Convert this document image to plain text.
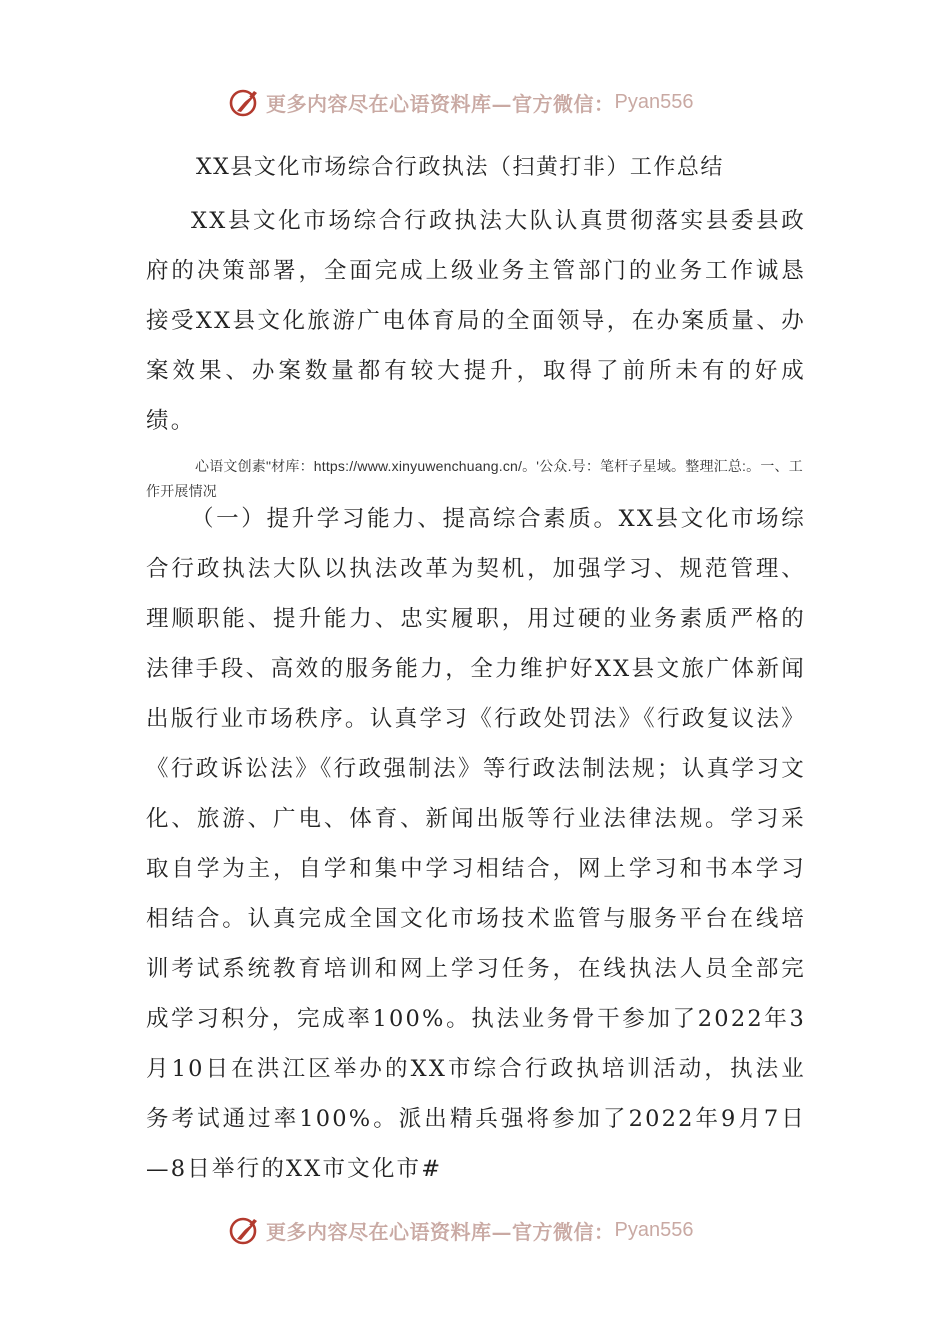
更多内容尽在心语资料库—官方微信： Pyan556
XX县文化市场综合行政执法（扫黄打非）工作总结

XX县文化市场综合行政执法大队认真贯彻落实县委县政府的决策部署，全面完成上级业务主管部门的业务工作诚恳接受XX县文化旅游广电体育局的全面领导，在办案质量、办案效果、办案数量都有较大提升，取得了前所未有的好成绩。

心语文创素"材库：https://www.xinyuwenchuang.cn/。'公众.号：笔杆子星域。整理汇总:。一、工作开展情况

（一）提升学习能力、提高综合素质。XX县文化市场综合行政执法大队以执法改革为契机，加强学习、规范管理、理顺职能、提升能力、忠实履职，用过硬的业务素质严格的法律手段、高效的服务能力，全力维护好XX县文旅广体新闻出版行业市场秩序。认真学习《行政处罚法》《行政复议法》《行政诉讼法》《行政强制法》等行政法制法规；认真学习文化、旅游、广电、体育、新闻出版等行业法律法规。学习采取自学为主，自学和集中学习相结合，网上学习和书本学习相结合。认真完成全国文化市场技术监管与服务平台在线培训考试系统教育培训和网上学习任务，在线执法人员全部完成学习积分，完成率100%。执法业务骨干参加了2022年3月10日在洪江区举办的XX市综合行政执培训活动，执法业务考试通过率100%。派出精兵强将参加了2022年9月7日—8日举行的XX市文化市#

更多内容尽在心语资料库—官方微信： Pyan556
